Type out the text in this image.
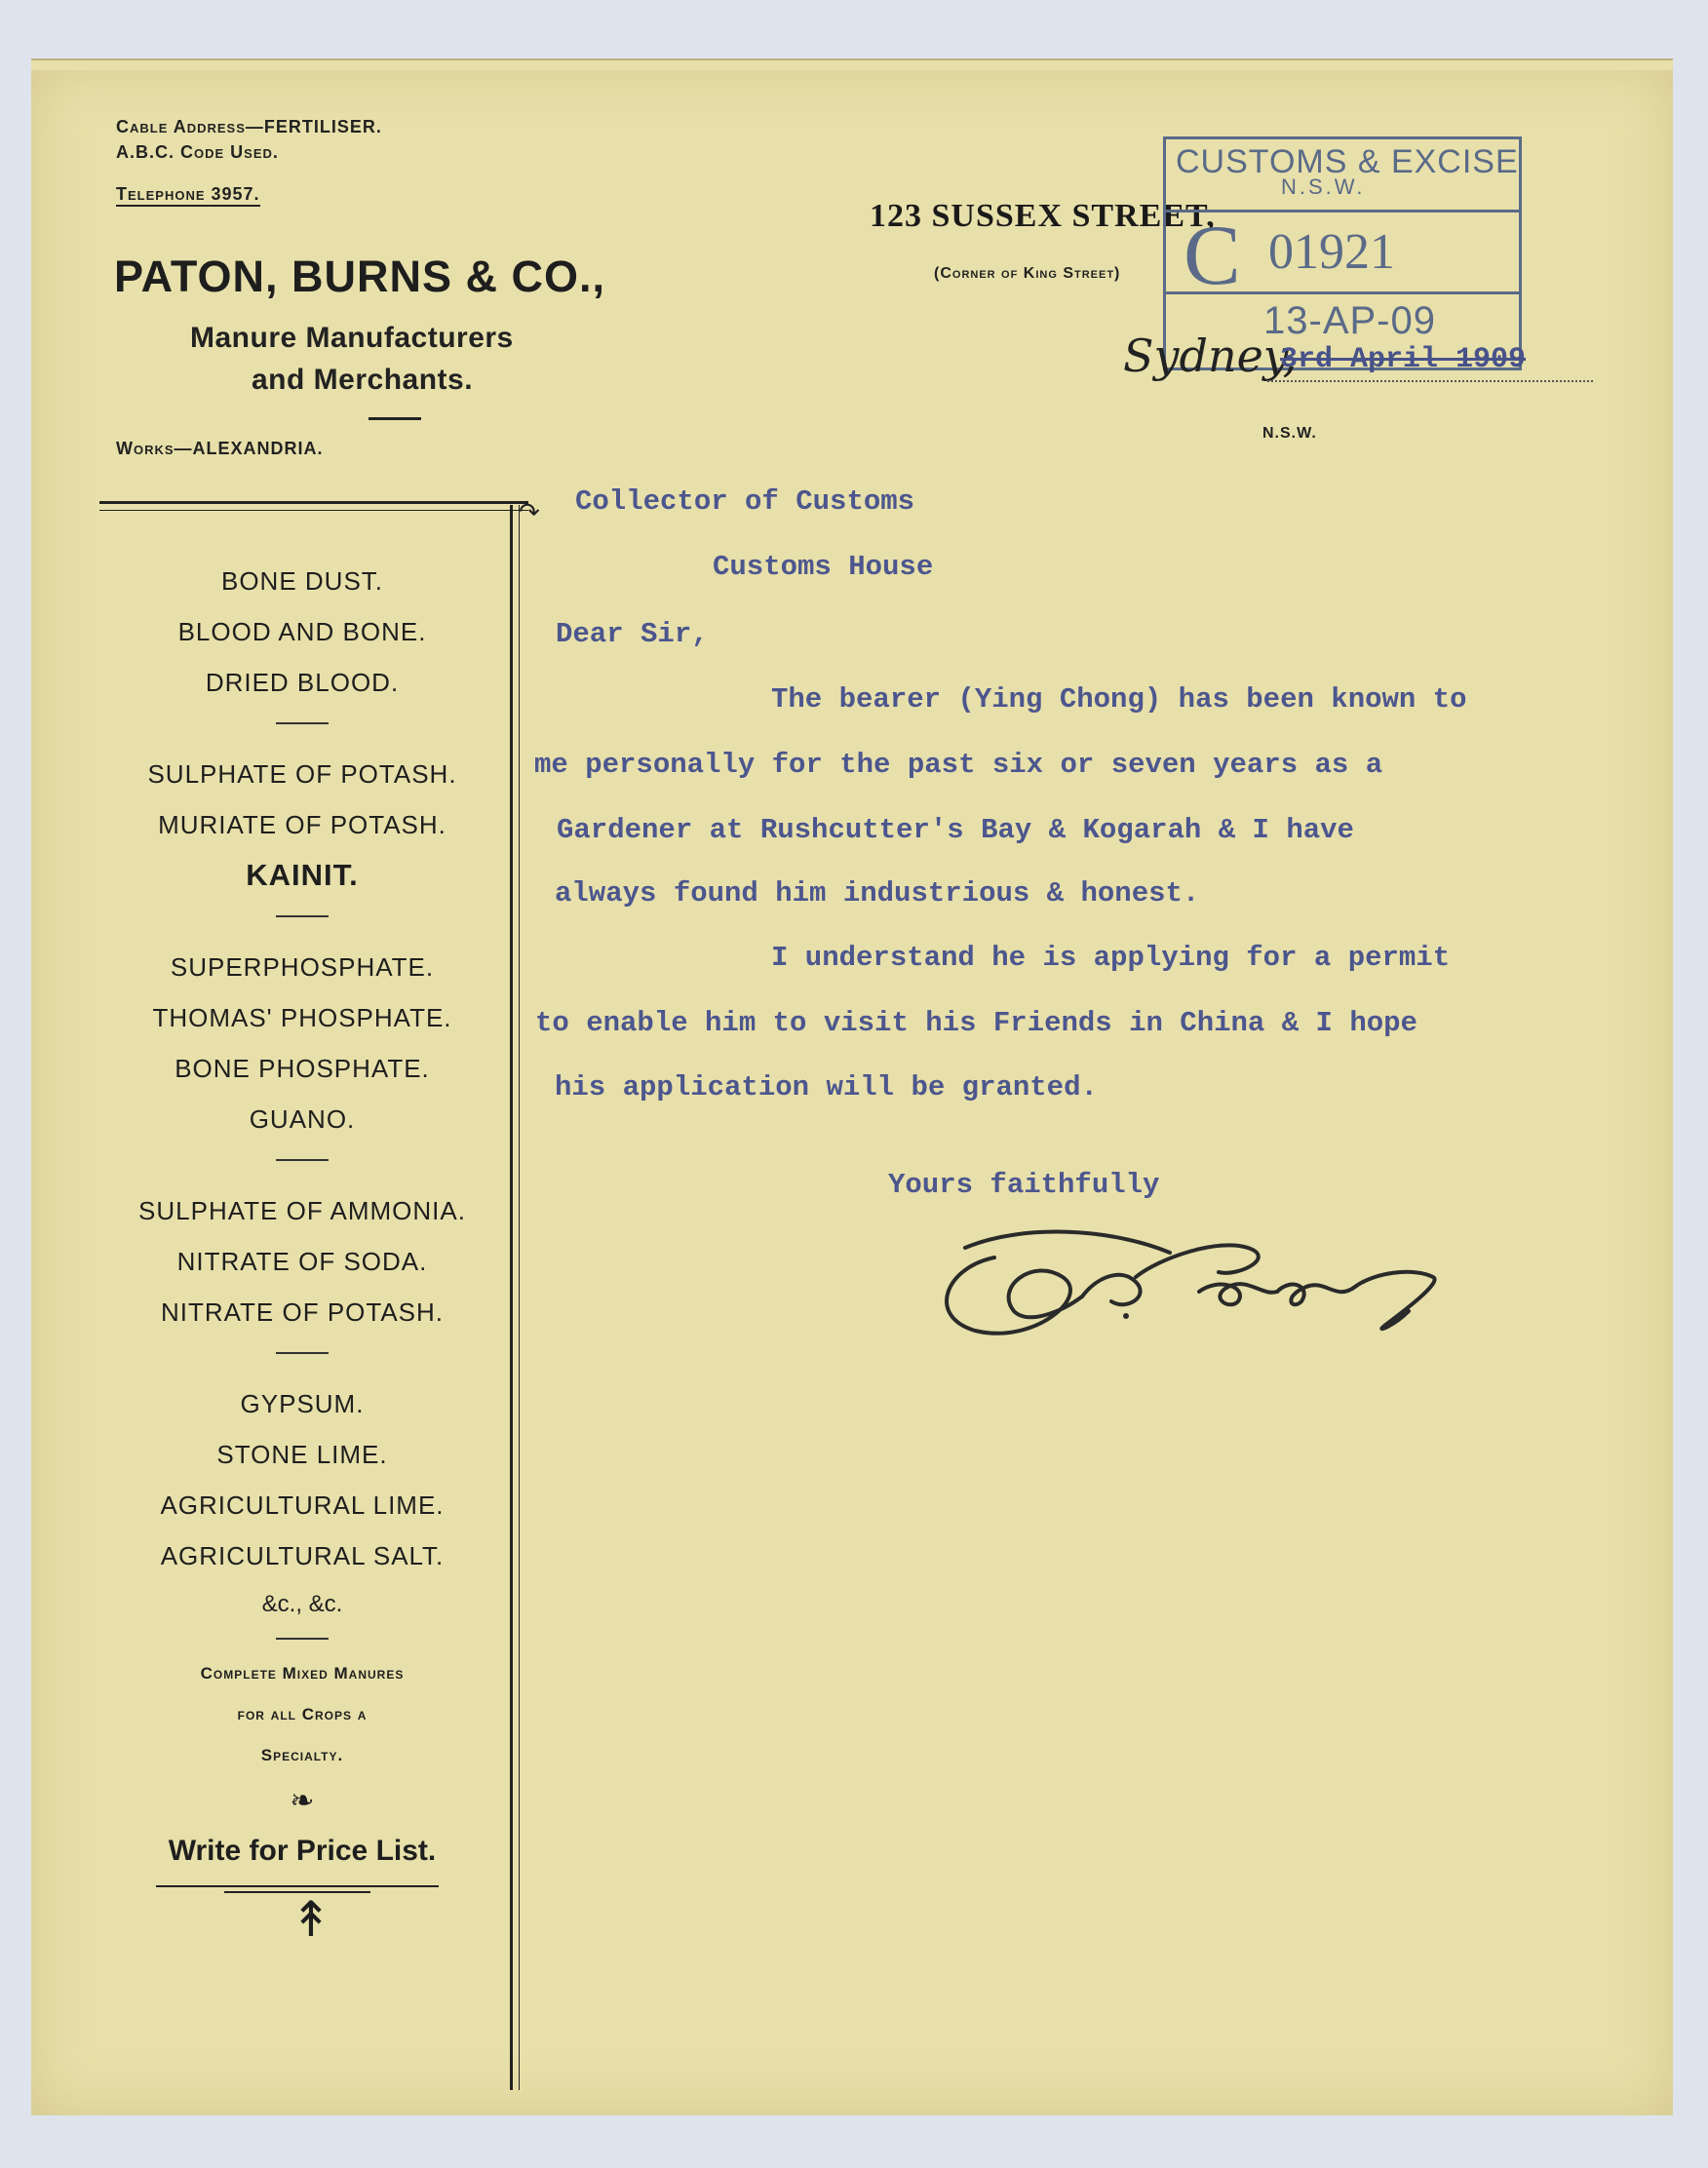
Cable Address—FERTILISER.
A.B.C. Code Used.
Telephone 3957.
PATON, BURNS & CO.,
Manure Manufacturers
and Merchants.
Works—ALEXANDRIA.
123 SUSSEX STREET,
(Corner of King Street)
CUSTOMS & EXCISE
N.S.W.
C 01921
13-AP-09
Sydney,
3rd April 1909
N.S.W.
↷
BONE DUST.
BLOOD AND BONE.
DRIED BLOOD.
SULPHATE OF POTASH.
MURIATE OF POTASH.
KAINIT.
SUPERPHOSPHATE.
THOMAS' PHOSPHATE.
BONE PHOSPHATE.
GUANO.
SULPHATE OF AMMONIA.
NITRATE OF SODA.
NITRATE OF POTASH.
GYPSUM.
STONE LIME.
AGRICULTURAL LIME.
AGRICULTURAL SALT.
&c., &c.
Complete Mixed Manures
for all Crops a
Specialty.
❧
Write for Price List.
↟
Collector of Customs
Customs House
Dear Sir,
The bearer (Ying Chong) has been known to
me personally for the past six or seven years as a
Gardener at Rushcutter's Bay & Kogarah & I have
always found him industrious & honest.
I understand he is applying for a permit
to enable him to visit his Friends in China & I hope
his application will be granted.
Yours faithfully
